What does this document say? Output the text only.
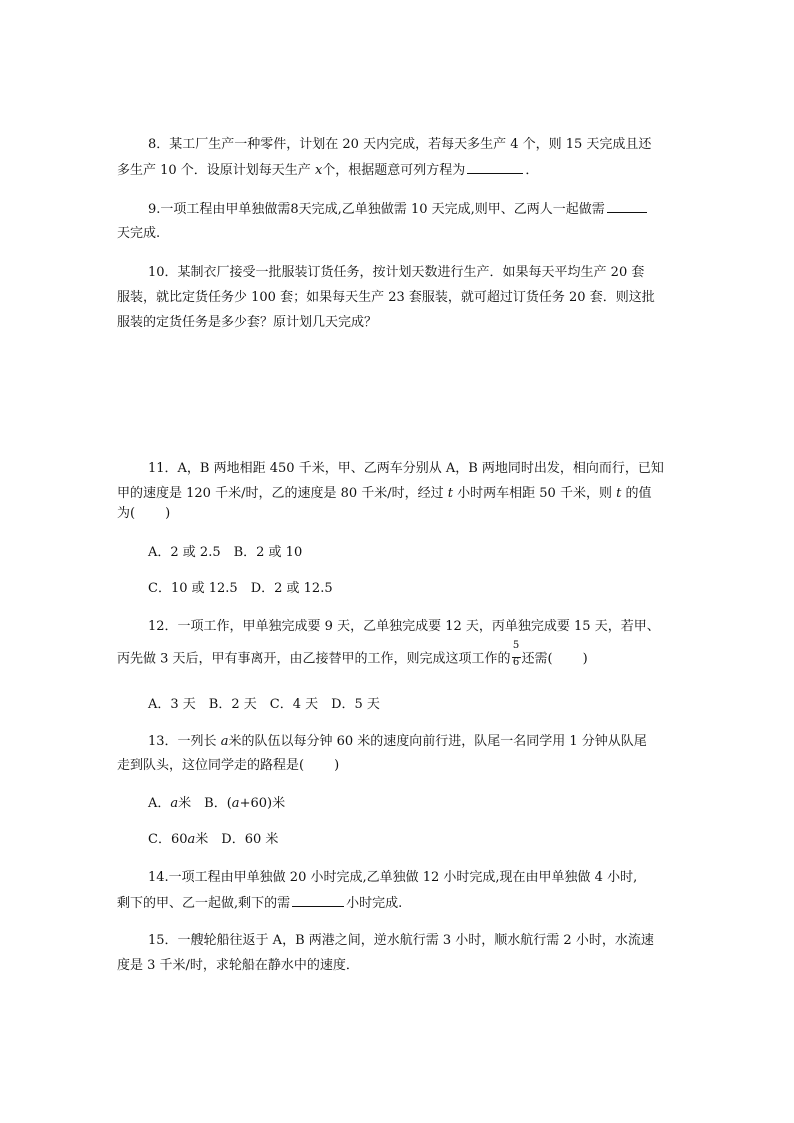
8．某工厂生产一种零件，计划在 20 天内完成，若每天多生产 4 个，则 15 天完成且还
多生产 10 个．设原计划每天生产 x个，根据题意可列方程为	．
9.一项工程由甲单独做需8天完成,乙单独做需 10 天完成,则甲、乙两人一起做需
天完成.
10．某制衣厂接受一批服装订货任务，按计划天数进行生产．如果每天平均生产 20 套
服装，就比定货任务少 100 套；如果每天生产 23 套服装，就可超过订货任务 20 套．则这批
服装的定货任务是多少套？原计划几天完成？
11．A，B 两地相距 450 千米，甲、乙两车分别从 A，B 两地同时出发，相向而行，已知
甲的速度是 120 千米/时，乙的速度是 80 千米/时，经过 t 小时两车相距 50 千米，则 t 的值
为( )
A．2 或 2.5　B．2 或 10
C．10 或 12.5　D．2 或 12.5
12．一项工作，甲单独完成要 9 天，乙单独完成要 12 天，丙单独完成要 15 天，若甲、
丙先做 3 天后，甲有事离开，由乙接替甲的工作，则完成这项工作的 $\frac{5}{6}$ 还需( )
A．3 天　B．2 天　C．4 天　D．5 天
13．一列长 a米的队伍以每分钟 60 米的速度向前行进，队尾一名同学用 1 分钟从队尾
走到队头，这位同学走的路程是( )
A．a米　B．(a+60)米
C．60a米　D．60 米
14.一项工程由甲单独做 20 小时完成,乙单独做 12 小时完成,现在由甲单独做 4 小时,
剩下的甲、乙一起做,剩下的需	小时完成.
15．一艘轮船往返于 A，B 两港之间，逆水航行需 3 小时，顺水航行需 2 小时，水流速
度是 3 千米/时，求轮船在静水中的速度．
